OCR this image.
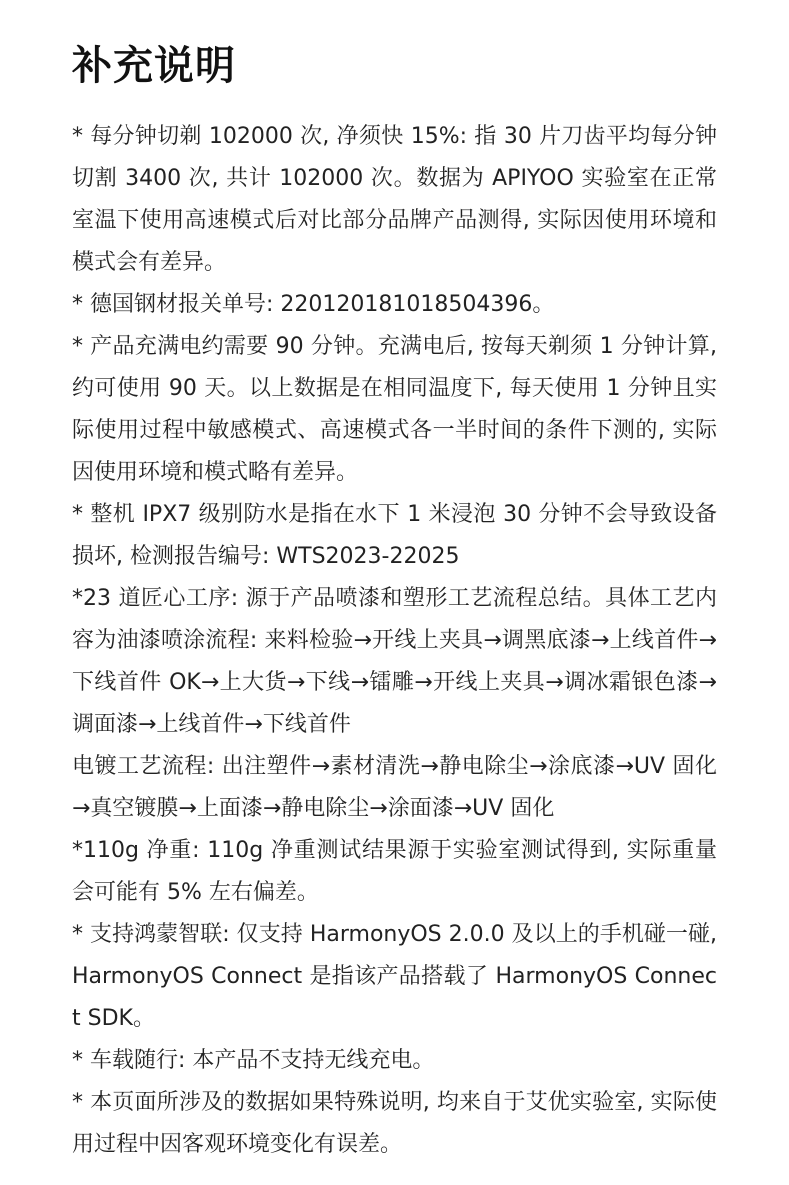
补充说明

* 每分钟切剃 102000 次, 净须快 15%: 指 30 片刀齿平均每分钟切割 3400 次, 共计 102000 次。数据为 APIYOO 实验室在正常室温下使用高速模式后对比部分品牌产品测得, 实际因使用环境和模式会有差异。

* 德国钢材报关单号: 22012018101850439​6。

* 产品充满电约需要 90 分钟。充满电后, 按每天剃须 1 分钟计算, 约可使用 90 天。以上数据是在相同温度下, 每天使用 1 分钟且实际使用过程中敏感模式、高速模式各一半时间的条件下测的, 实际因使用环境和模式略有差异。

* 整机 IPX7 级别防水是指在水下 1 米浸泡 30 分钟不会导致设备损坏, 检测报告编号: WTS2023-22025

*23 道匠心工序: 源于产品喷漆和塑形工艺流程总结。具体工艺内容为油漆喷涂流程: 来料检验→开线上夹具→调黑底漆→上线首件→下线首件 OK→上大货→下线→镭雕→开线上夹具→调冰霜银色漆→调面漆→上线首件→下线首件

电镀工艺流程: 出注塑件→素材清洗→静电除尘→涂底漆→UV 固化→真空镀膜→上面漆→静电除尘→涂面漆→UV 固化

*110g 净重: 110g 净重测试结果源于实验室测试得到, 实际重量会可能有 5% 左右偏差。

* 支持鸿蒙智联: 仅支持 HarmonyOS 2.0.0 及以上的手机碰一碰, HarmonyOS Connect 是指该产品搭载了 HarmonyOS Connect SDK。

* 车载随行: 本产品不支持无线充电。

* 本页面所涉及的数据如果特殊说明, 均来自于艾优实验室, 实际使用过程中因客观环境变化有误差。
